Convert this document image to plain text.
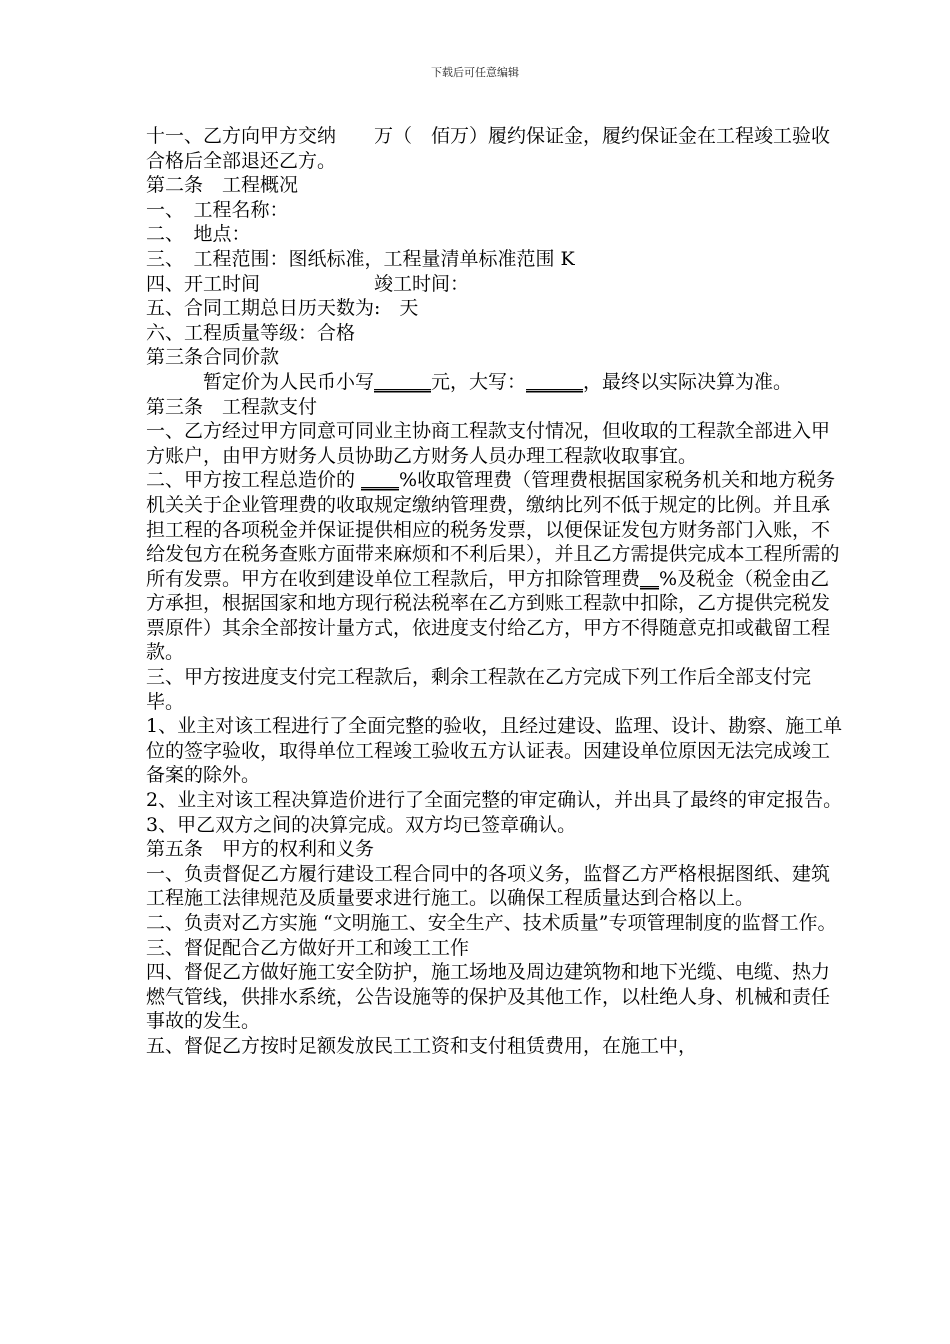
下载后可任意编辑

十一、乙方向甲方交纳　　万（　佰万）履约保证金，履约保证金在工程竣工验收合格后全部退还乙方。

第二条　工程概况

一、　工程名称：

二、　地点：

三、　工程范围：图纸标准，工程量清单标准范围 K

四、开工时间　　　　　　竣工时间：

五、合同工期总日历天数为:　天

六、工程质量等级：合格

第三条合同价款

暂定价为人民币小写______元，大写：______，最终以实际决算为准。

第三条　工程款支付

一、乙方经过甲方同意可同业主协商工程款支付情况，但收取的工程款全部进入甲方账户，由甲方财务人员协助乙方财务人员办理工程款收取事宜。

二、甲方按工程总造价的 ____%收取管理费（管理费根据国家税务机关和地方税务机关关于企业管理费的收取规定缴纳管理费，缴纳比列不低于规定的比例。并且承担工程的各项税金并保证提供相应的税务发票，以便保证发包方财务部门入账，不给发包方在税务查账方面带来麻烦和不利后果），并且乙方需提供完成本工程所需的所有发票。甲方在收到建设单位工程款后，甲方扣除管理费__%及税金（税金由乙方承担，根据国家和地方现行税法税率在乙方到账工程款中扣除，乙方提供完税发票原件）其余全部按计量方式，依进度支付给乙方，甲方不得随意克扣或截留工程款。

三、甲方按进度支付完工程款后，剩余工程款在乙方完成下列工作后全部支付完毕。

1、业主对该工程进行了全面完整的验收，且经过建设、监理、设计、勘察、施工单位的签字验收，取得单位工程竣工验收五方认证表。因建设单位原因无法完成竣工备案的除外。

2、业主对该工程决算造价进行了全面完整的审定确认，并出具了最终的审定报告。

3、甲乙双方之间的决算完成。双方均已签章确认。

第五条　甲方的权利和义务

一、负责督促乙方履行建设工程合同中的各项义务，监督乙方严格根据图纸、建筑工程施工法律规范及质量要求进行施工。以确保工程质量达到合格以上。

二、负责对乙方实施 “文明施工、安全生产、技术质量”专项管理制度的监督工作。

三、督促配合乙方做好开工和竣工工作

四、督促乙方做好施工安全防护，施工场地及周边建筑物和地下光缆、电缆、热力燃气管线，供排水系统，公告设施等的保护及其他工作，以杜绝人身、机械和责任事故的发生。

五、督促乙方按时足额发放民工工资和支付租赁费用，在施工中，
